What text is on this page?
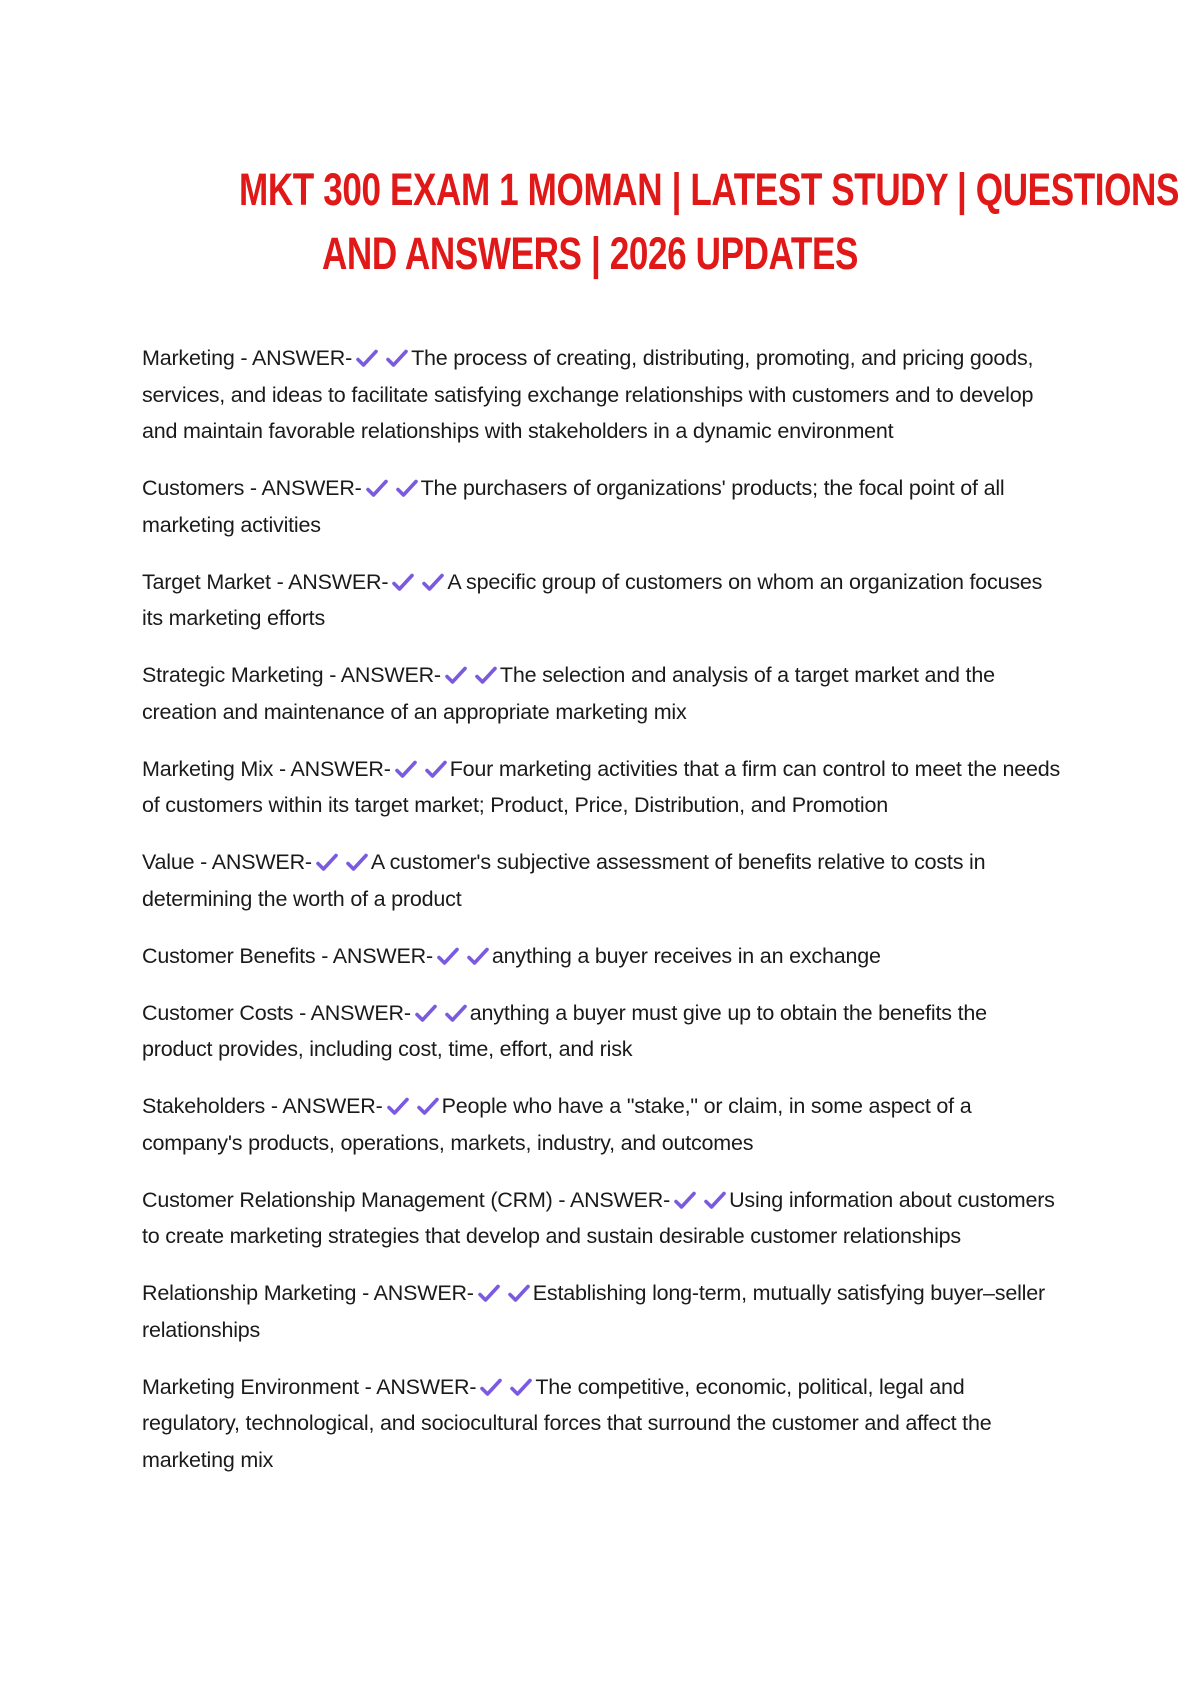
MKT 300 EXAM 1 MOMAN | LATEST STUDY | QUESTIONS
AND ANSWERS | 2026 UPDATES

Marketing - ANSWER-	The process of creating, distributing, promoting, and pricing goods, services, and ideas to facilitate satisfying exchange relationships with customers and to develop and maintain favorable relationships with stakeholders in a dynamic environment

Customers - ANSWER-	The purchasers of organizations' products; the focal point of all marketing activities

Target Market - ANSWER-	A specific group of customers on whom an organization focuses its marketing efforts

Strategic Marketing - ANSWER-	The selection and analysis of a target market and the creation and maintenance of an appropriate marketing mix

Marketing Mix - ANSWER-	Four marketing activities that a firm can control to meet the needs of customers within its target market; Product, Price, Distribution, and Promotion

Value - ANSWER-	A customer's subjective assessment of benefits relative to costs in determining the worth of a product

Customer Benefits - ANSWER-	anything a buyer receives in an exchange

Customer Costs - ANSWER-	anything a buyer must give up to obtain the benefits the product provides, including cost, time, effort, and risk

Stakeholders - ANSWER-	People who have a "stake," or claim, in some aspect of a company's products, operations, markets, industry, and outcomes

Customer Relationship Management (CRM) - ANSWER-	Using information about customers to create marketing strategies that develop and sustain desirable customer relationships

Relationship Marketing - ANSWER-	Establishing long-term, mutually satisfying buyer–seller relationships

Marketing Environment - ANSWER-	The competitive, economic, political, legal and regulatory, technological, and sociocultural forces that surround the customer and affect the marketing mix
